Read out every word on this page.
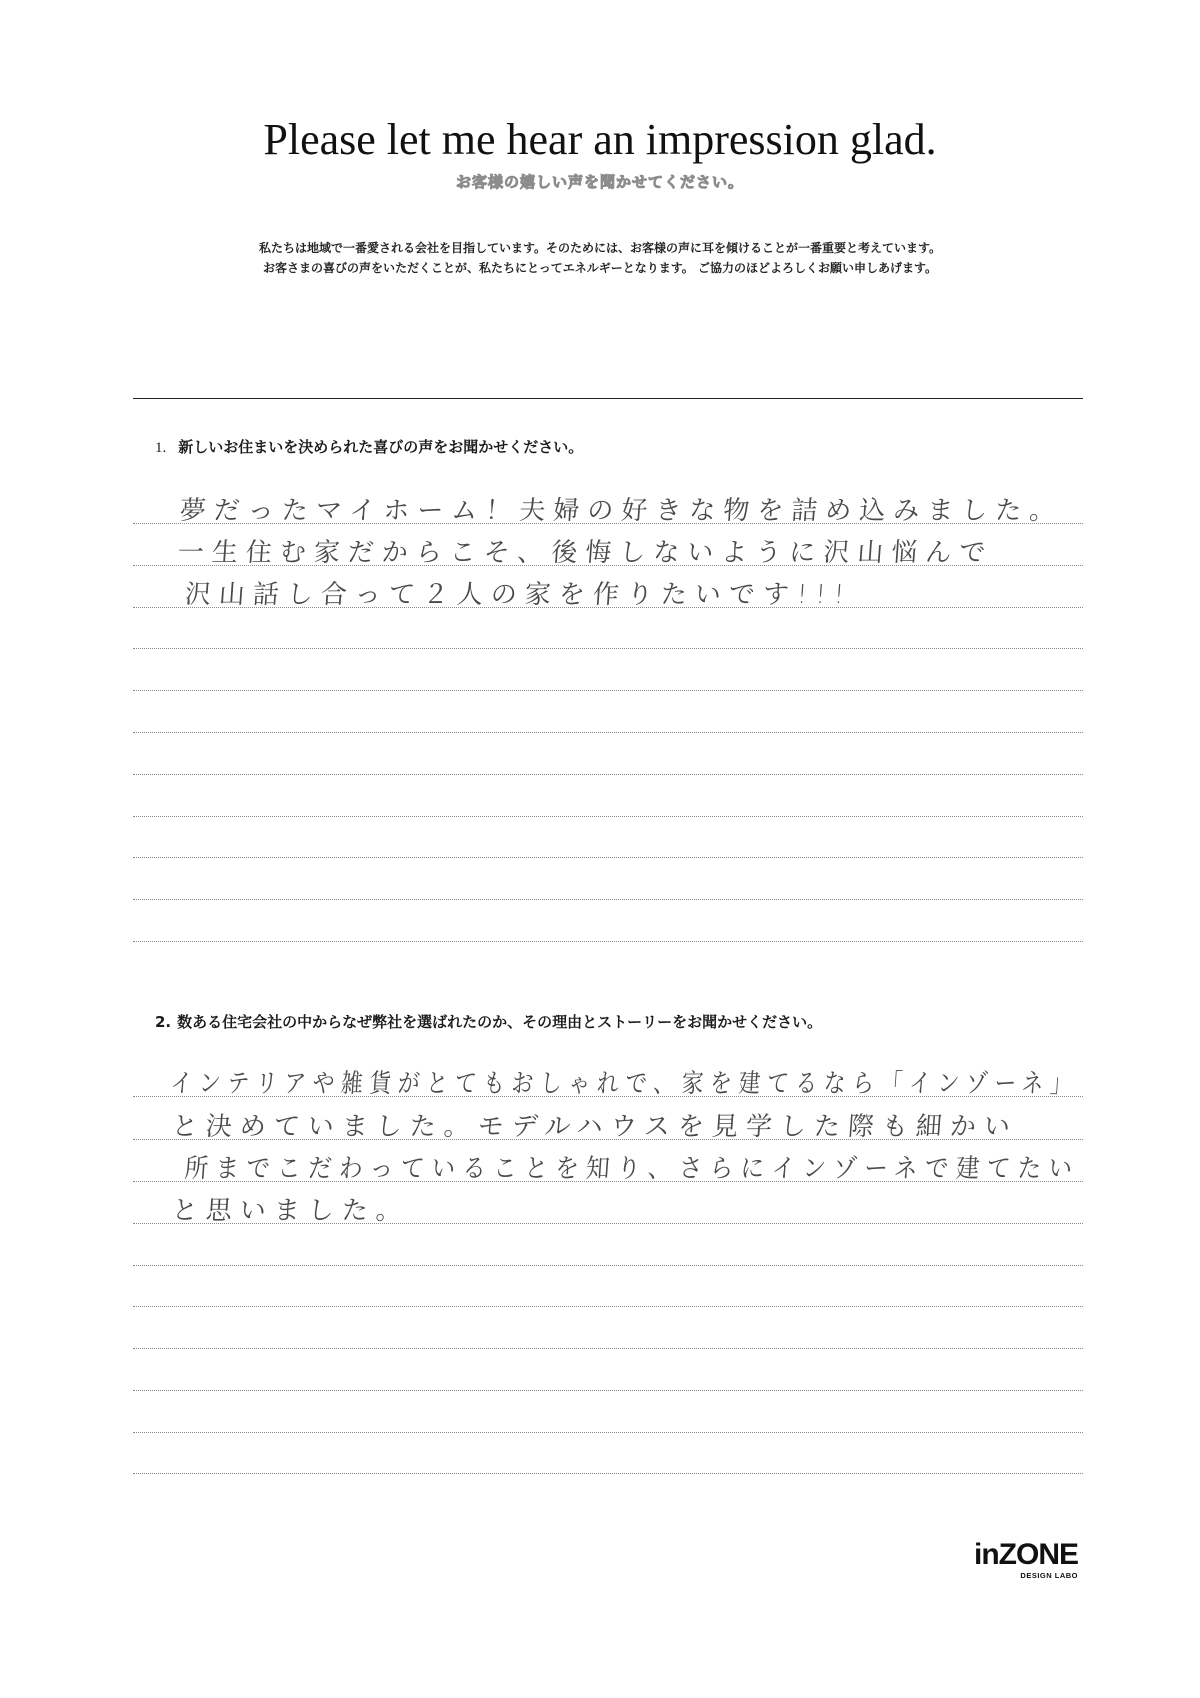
Please let me hear an impression glad.
お客様の嬉しい声を聞かせてください。
私たちは地域で一番愛される会社を目指しています。そのためには、お客様の声に耳を傾けることが一番重要と考えています。
お客さまの喜びの声をいただくことが、私たちにとってエネルギーとなります。 ご協力のほどよろしくお願い申しあげます。
1. 新しいお住まいを決められた喜びの声をお聞かせください。
夢だったマイホーム！夫婦の好きな物を詰め込みました。
一生住む家だからこそ、後悔しないように沢山悩んで
沢山話し合って２人の家を作りたいです!!!
2. 数ある住宅会社の中からなぜ弊社を選ばれたのか、その理由とストーリーをお聞かせください。
インテリアや雑貨がとてもおしゃれで、家を建てるなら「インゾーネ」
と決めていました。モデルハウスを見学した際も細かい
所までこだわっていることを知り、さらにインゾーネで建てたい
と思いました。
inZONE
DESIGN LABO
